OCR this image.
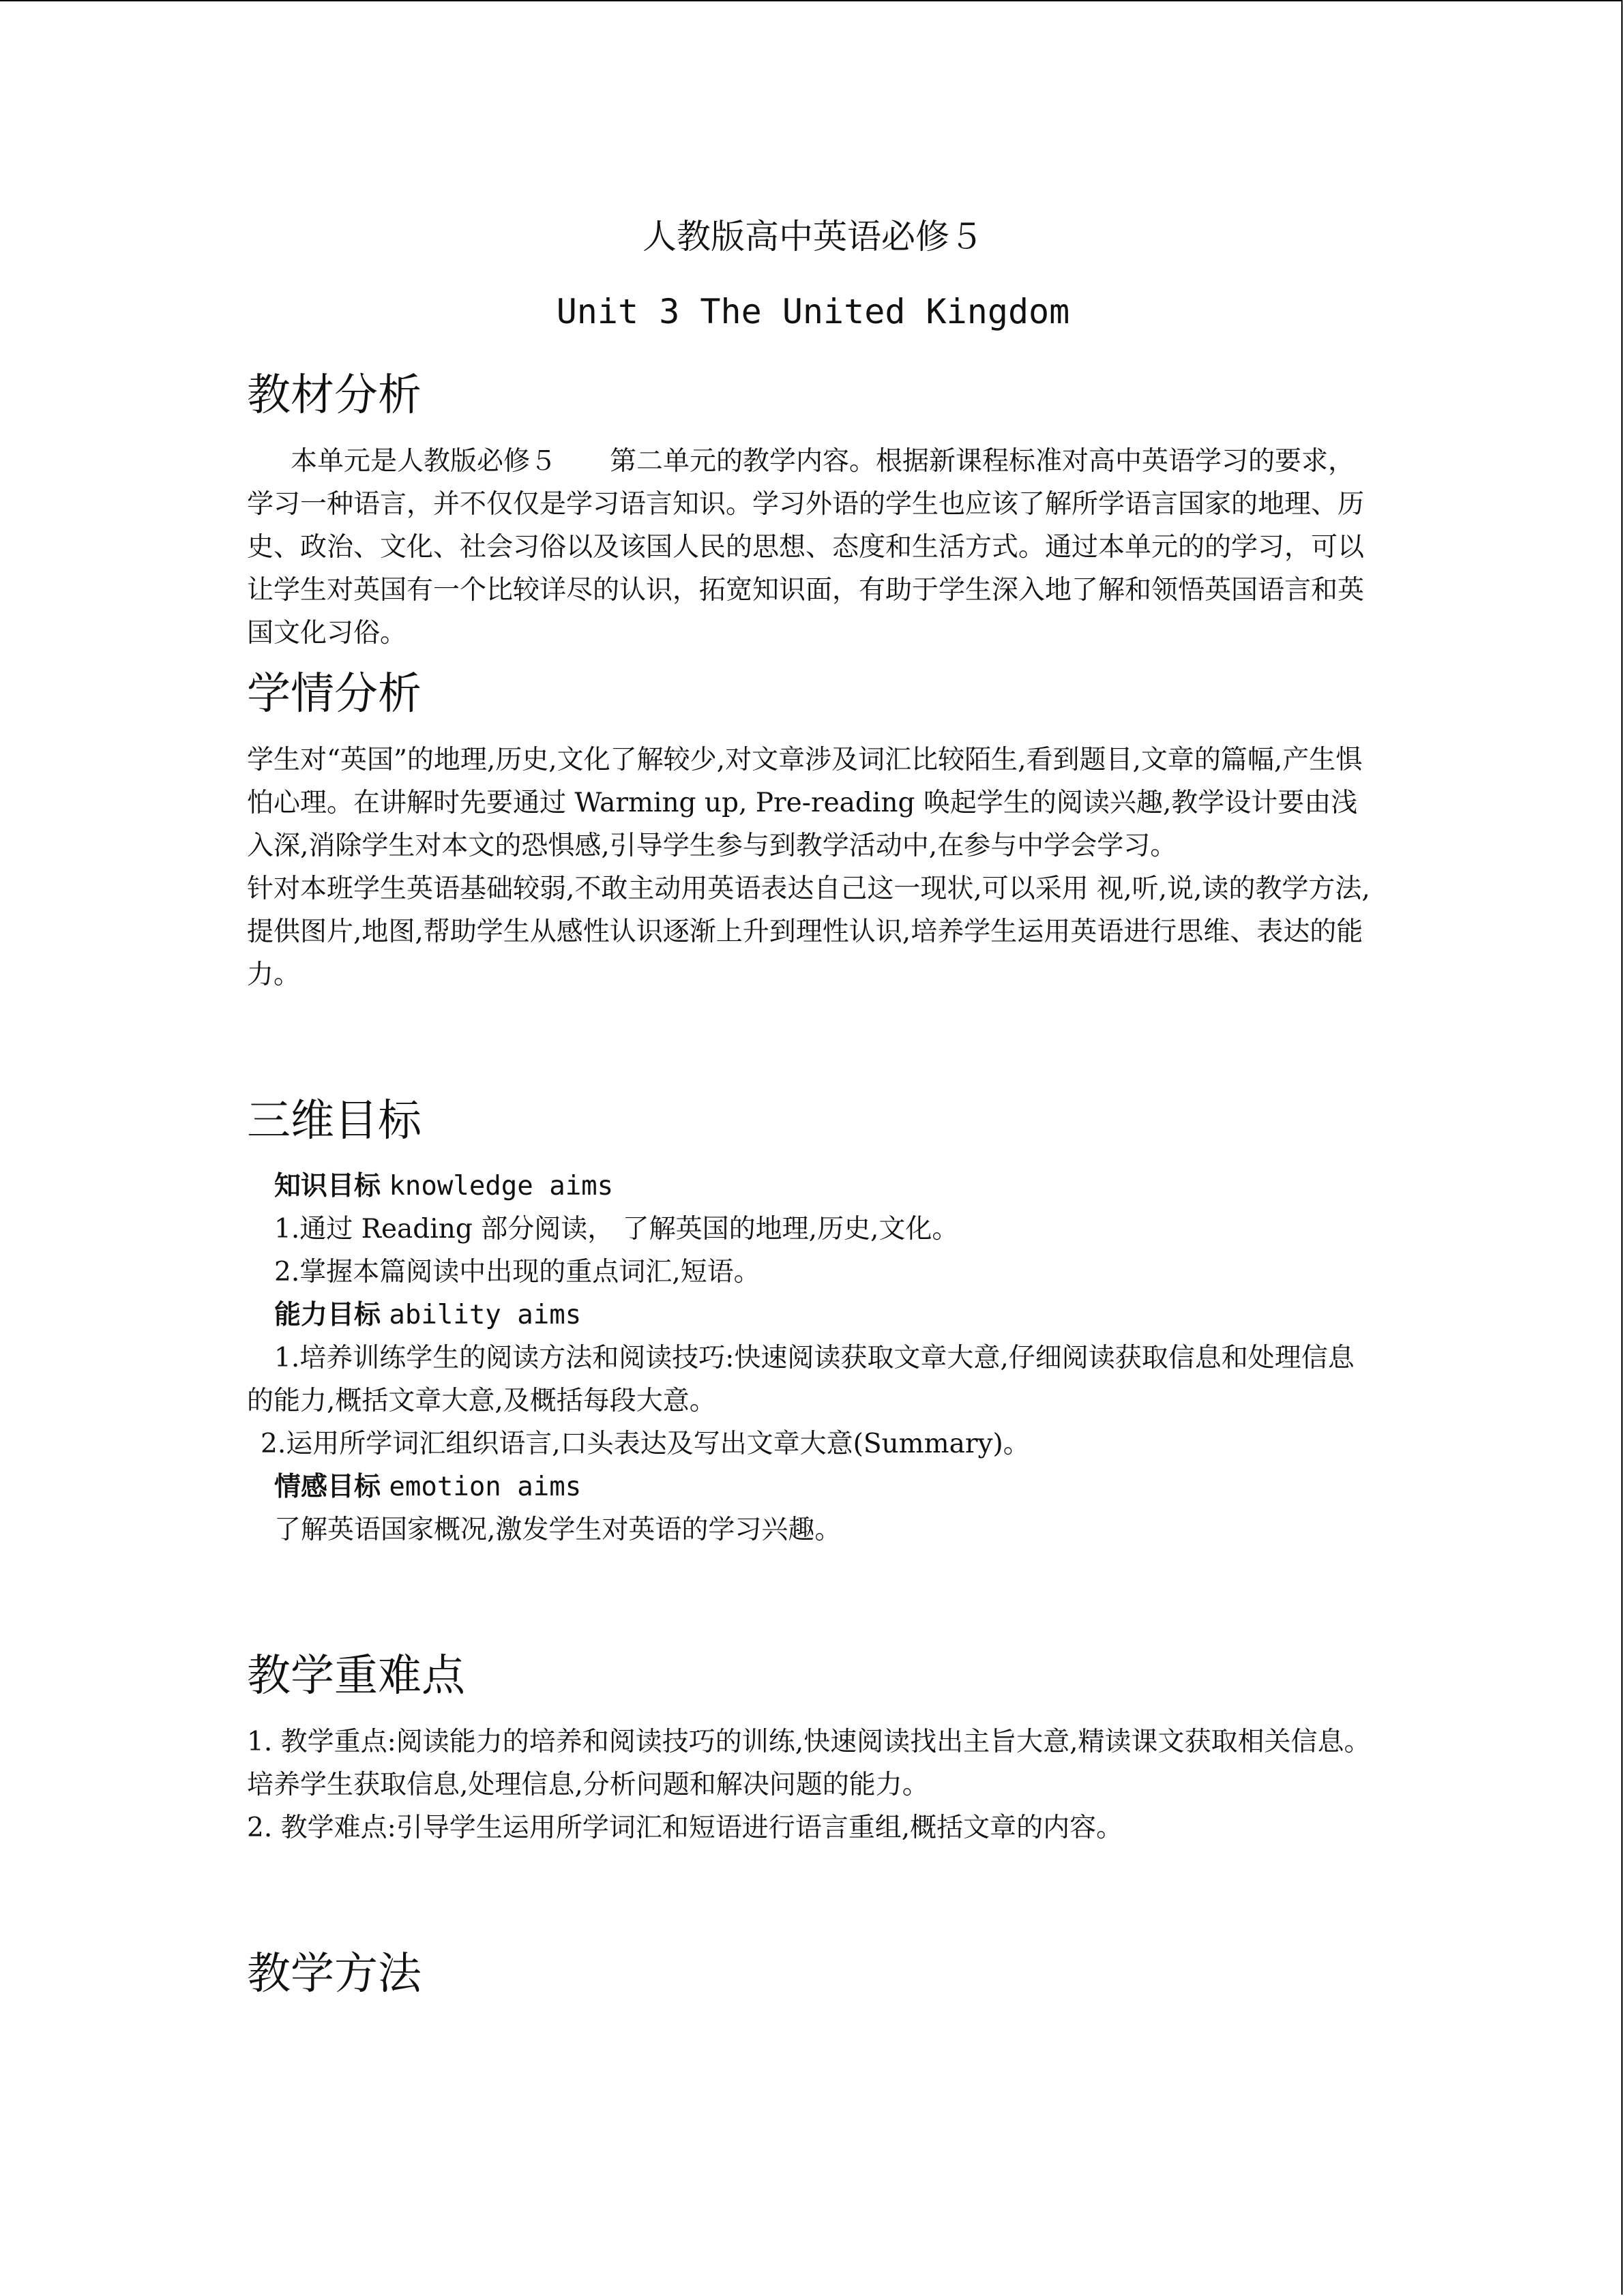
人教版高中英语必修５
Unit 3 The United Kingdom
教材分析

本单元是人教版必修５　　第二单元的教学内容。根据新课程标准对高中英语学习的要求，学习一种语言，并不仅仅是学习语言知识。学习外语的学生也应该了解所学语言国家的地理、历史、政治、文化、社会习俗以及该国人民的思想、态度和生活方式。通过本单元的的学习，可以让学生对英国有一个比较详尽的认识，拓宽知识面，有助于学生深入地了解和领悟英国语言和英国文化习俗。

学情分析

学生对“英国”的地理,历史,文化了解较少,对文章涉及词汇比较陌生,看到题目,文章的篇幅,产生惧怕心理。在讲解时先要通过 Warming up, Pre-reading 唤起学生的阅读兴趣,教学设计要由浅入深,消除学生对本文的恐惧感,引导学生参与到教学活动中,在参与中学会学习。

针对本班学生英语基础较弱,不敢主动用英语表达自己这一现状,可以采用 视,听,说,读的教学方法,提供图片,地图,帮助学生从感性认识逐渐上升到理性认识,培养学生运用英语进行思维、表达的能力。

三维目标
知识目标 knowledge aims

1.通过 Reading 部分阅读， 了解英国的地理,历史,文化。

2.掌握本篇阅读中出现的重点词汇,短语。

能力目标 ability aims

1.培养训练学生的阅读方法和阅读技巧:快速阅读获取文章大意,仔细阅读获取信息和处理信息的能力,概括文章大意,及概括每段大意。

2.运用所学词汇组织语言,口头表达及写出文章大意(Summary)。

情感目标 emotion aims

了解英语国家概况,激发学生对英语的学习兴趣。

教学重难点

1. 教学重点:阅读能力的培养和阅读技巧的训练,快速阅读找出主旨大意,精读课文获取相关信息。培养学生获取信息,处理信息,分析问题和解决问题的能力。

2. 教学难点:引导学生运用所学词汇和短语进行语言重组,概括文章的内容。

教学方法
